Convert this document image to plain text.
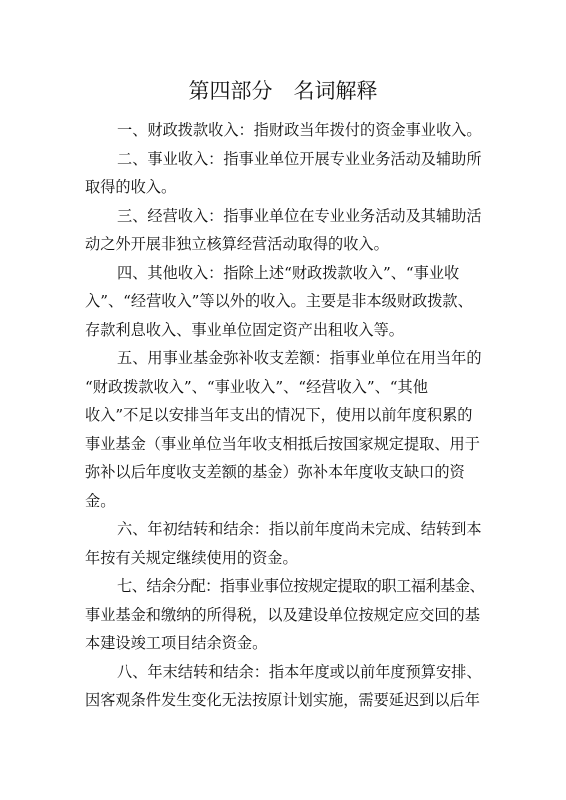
第四部分　名词解释

一、财政拨款收入：指财政当年拨付的资金事业收入。

二、事业收入：指事业单位开展专业业务活动及辅助所
取得的收入。

三、经营收入：指事业单位在专业业务活动及其辅助活
动之外开展非独立核算经营活动取得的收入。

四、其他收入：指除上述“财政拨款收入”、“事业收
入”、“经营收入”等以外的收入。主要是非本级财政拨款、
存款利息收入、事业单位固定资产出租收入等。

五、用事业基金弥补收支差额：指事业单位在用当年的
“财政拨款收入”、“事业收入”、“经营收入”、“其他
收入”不足以安排当年支出的情况下，使用以前年度积累的
事业基金（事业单位当年收支相抵后按国家规定提取、用于
弥补以后年度收支差额的基金）弥补本年度收支缺口的资
金。

六、年初结转和结余：指以前年度尚未完成、结转到本
年按有关规定继续使用的资金。

七、结余分配：指事业事位按规定提取的职工福利基金、
事业基金和缴纳的所得税，以及建设单位按规定应交回的基
本建设竣工项目结余资金。

八、年末结转和结余：指本年度或以前年度预算安排、
因客观条件发生变化无法按原计划实施，需要延迟到以后年
